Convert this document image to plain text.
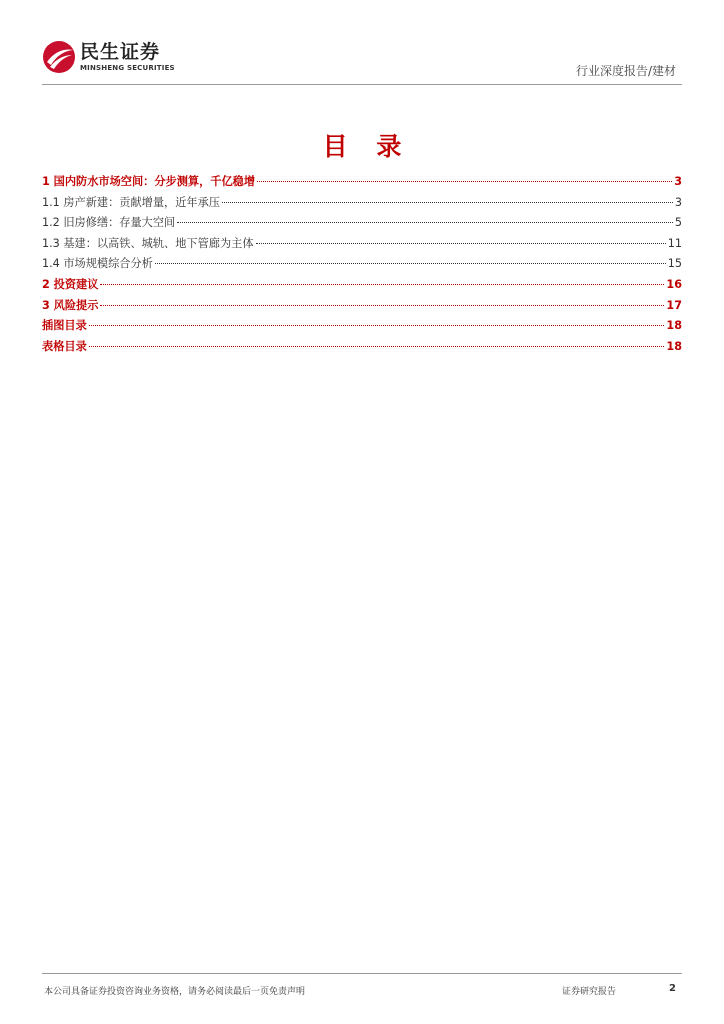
民生证券
MINSHENG SECURITIES	行业深度报告/建材
目 录
1 国内防水市场空间：分步测算，千亿稳增	3
1.1 房产新建：贡献增量，近年承压	3
1.2 旧房修缮：存量大空间	5
1.3 基建：以高铁、城轨、地下管廊为主体	11
1.4 市场规模综合分析	15
2 投资建议	16
3 风险提示	17
插图目录	18
表格目录	18
本公司具备证券投资咨询业务资格，请务必阅读最后一页免责声明	证券研究报告	2
